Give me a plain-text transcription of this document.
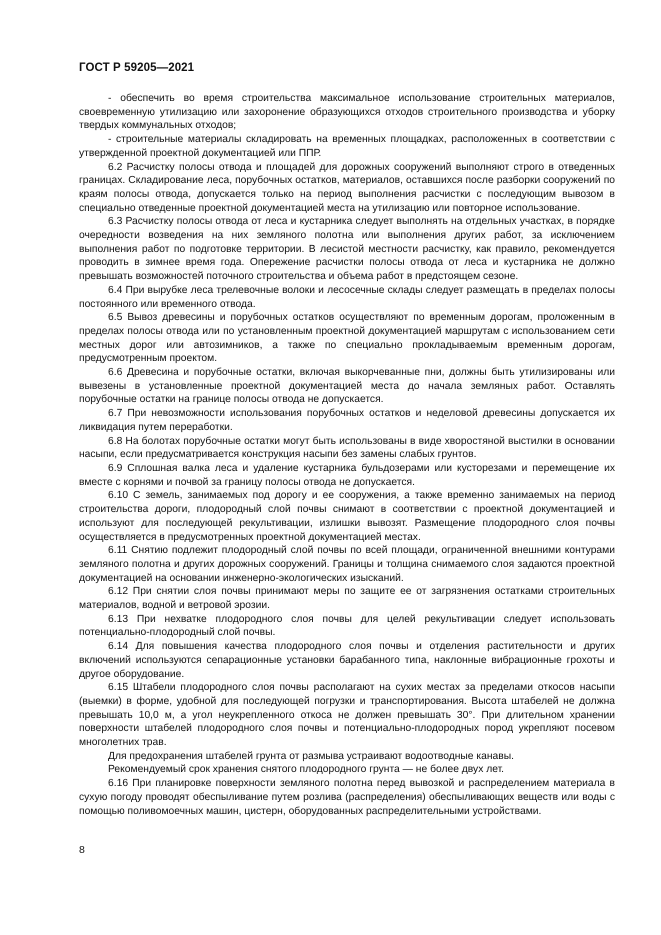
ГОСТ Р 59205—2021

- обеспечить во время строительства максимальное использование строительных материалов, своевременную утилизацию или захоронение образующихся отходов строительного производства и уборку твердых коммунальных отходов;

- строительные материалы складировать на временных площадках, расположенных в соответствии с утвержденной проектной документацией или ППР.

6.2 Расчистку полосы отвода и площадей для дорожных сооружений выполняют строго в отведенных границах. Складирование леса, порубочных остатков, материалов, оставшихся после разборки сооружений по краям полосы отвода, допускается только на период выполнения расчистки с последующим вывозом в специально отведенные проектной документацией места на утилизацию или повторное использование.

6.3 Расчистку полосы отвода от леса и кустарника следует выполнять на отдельных участках, в порядке очередности возведения на них земляного полотна или выполнения других работ, за исключением выполнения работ по подготовке территории. В лесистой местности расчистку, как правило, рекомендуется проводить в зимнее время года. Опережение расчистки полосы отвода от леса и кустарника не должно превышать возможностей поточного строительства и объема работ в предстоящем сезоне.

6.4 При вырубке леса трелевочные волоки и лесосечные склады следует размещать в пределах полосы постоянного или временного отвода.

6.5 Вывоз древесины и порубочных остатков осуществляют по временным дорогам, проложенным в пределах полосы отвода или по установленным проектной документацией маршрутам с использованием сети местных дорог или автозимников, а также по специально прокладываемым временным дорогам, предусмотренным проектом.

6.6 Древесина и порубочные остатки, включая выкорчеванные пни, должны быть утилизированы или вывезены в установленные проектной документацией места до начала земляных работ. Оставлять порубочные остатки на границе полосы отвода не допускается.

6.7 При невозможности использования порубочных остатков и неделовой древесины допускается их ликвидация путем переработки.

6.8 На болотах порубочные остатки могут быть использованы в виде хворостяной выстилки в основании насыпи, если предусматривается конструкция насыпи без замены слабых грунтов.

6.9 Сплошная валка леса и удаление кустарника бульдозерами или кусторезами и перемещение их вместе с корнями и почвой за границу полосы отвода не допускается.

6.10 С земель, занимаемых под дорогу и ее сооружения, а также временно занимаемых на период строительства дороги, плодородный слой почвы снимают в соответствии с проектной документацией и используют для последующей рекультивации, излишки вывозят. Размещение плодородного слоя почвы осуществляется в предусмотренных проектной документацией местах.

6.11 Снятию подлежит плодородный слой почвы по всей площади, ограниченной внешними контурами земляного полотна и других дорожных сооружений. Границы и толщина снимаемого слоя задаются проектной документацией на основании инженерно-экологических изысканий.

6.12 При снятии слоя почвы принимают меры по защите ее от загрязнения остатками строительных материалов, водной и ветровой эрозии.

6.13 При нехватке плодородного слоя почвы для целей рекультивации следует использовать потенциально-плодородный слой почвы.

6.14 Для повышения качества плодородного слоя почвы и отделения растительности и других включений используются сепарационные установки барабанного типа, наклонные вибрационные грохоты и другое оборудование.

6.15 Штабели плодородного слоя почвы располагают на сухих местах за пределами откосов насыпи (выемки) в форме, удобной для последующей погрузки и транспортирования. Высота штабелей не должна превышать 10,0 м, а угол неукрепленного откоса не должен превышать 30°. При длительном хранении поверхности штабелей плодородного слоя почвы и потенциально-плодородных пород укрепляют посевом многолетних трав.

Для предохранения штабелей грунта от размыва устраивают водоотводные канавы.

Рекомендуемый срок хранения снятого плодородного грунта — не более двух лет.

6.16 При планировке поверхности земляного полотна перед вывозкой и распределением материала в сухую погоду проводят обеспыливание путем розлива (распределения) обеспыливающих веществ или воды с помощью поливомоечных машин, цистерн, оборудованных распределительными устройствами.

8
